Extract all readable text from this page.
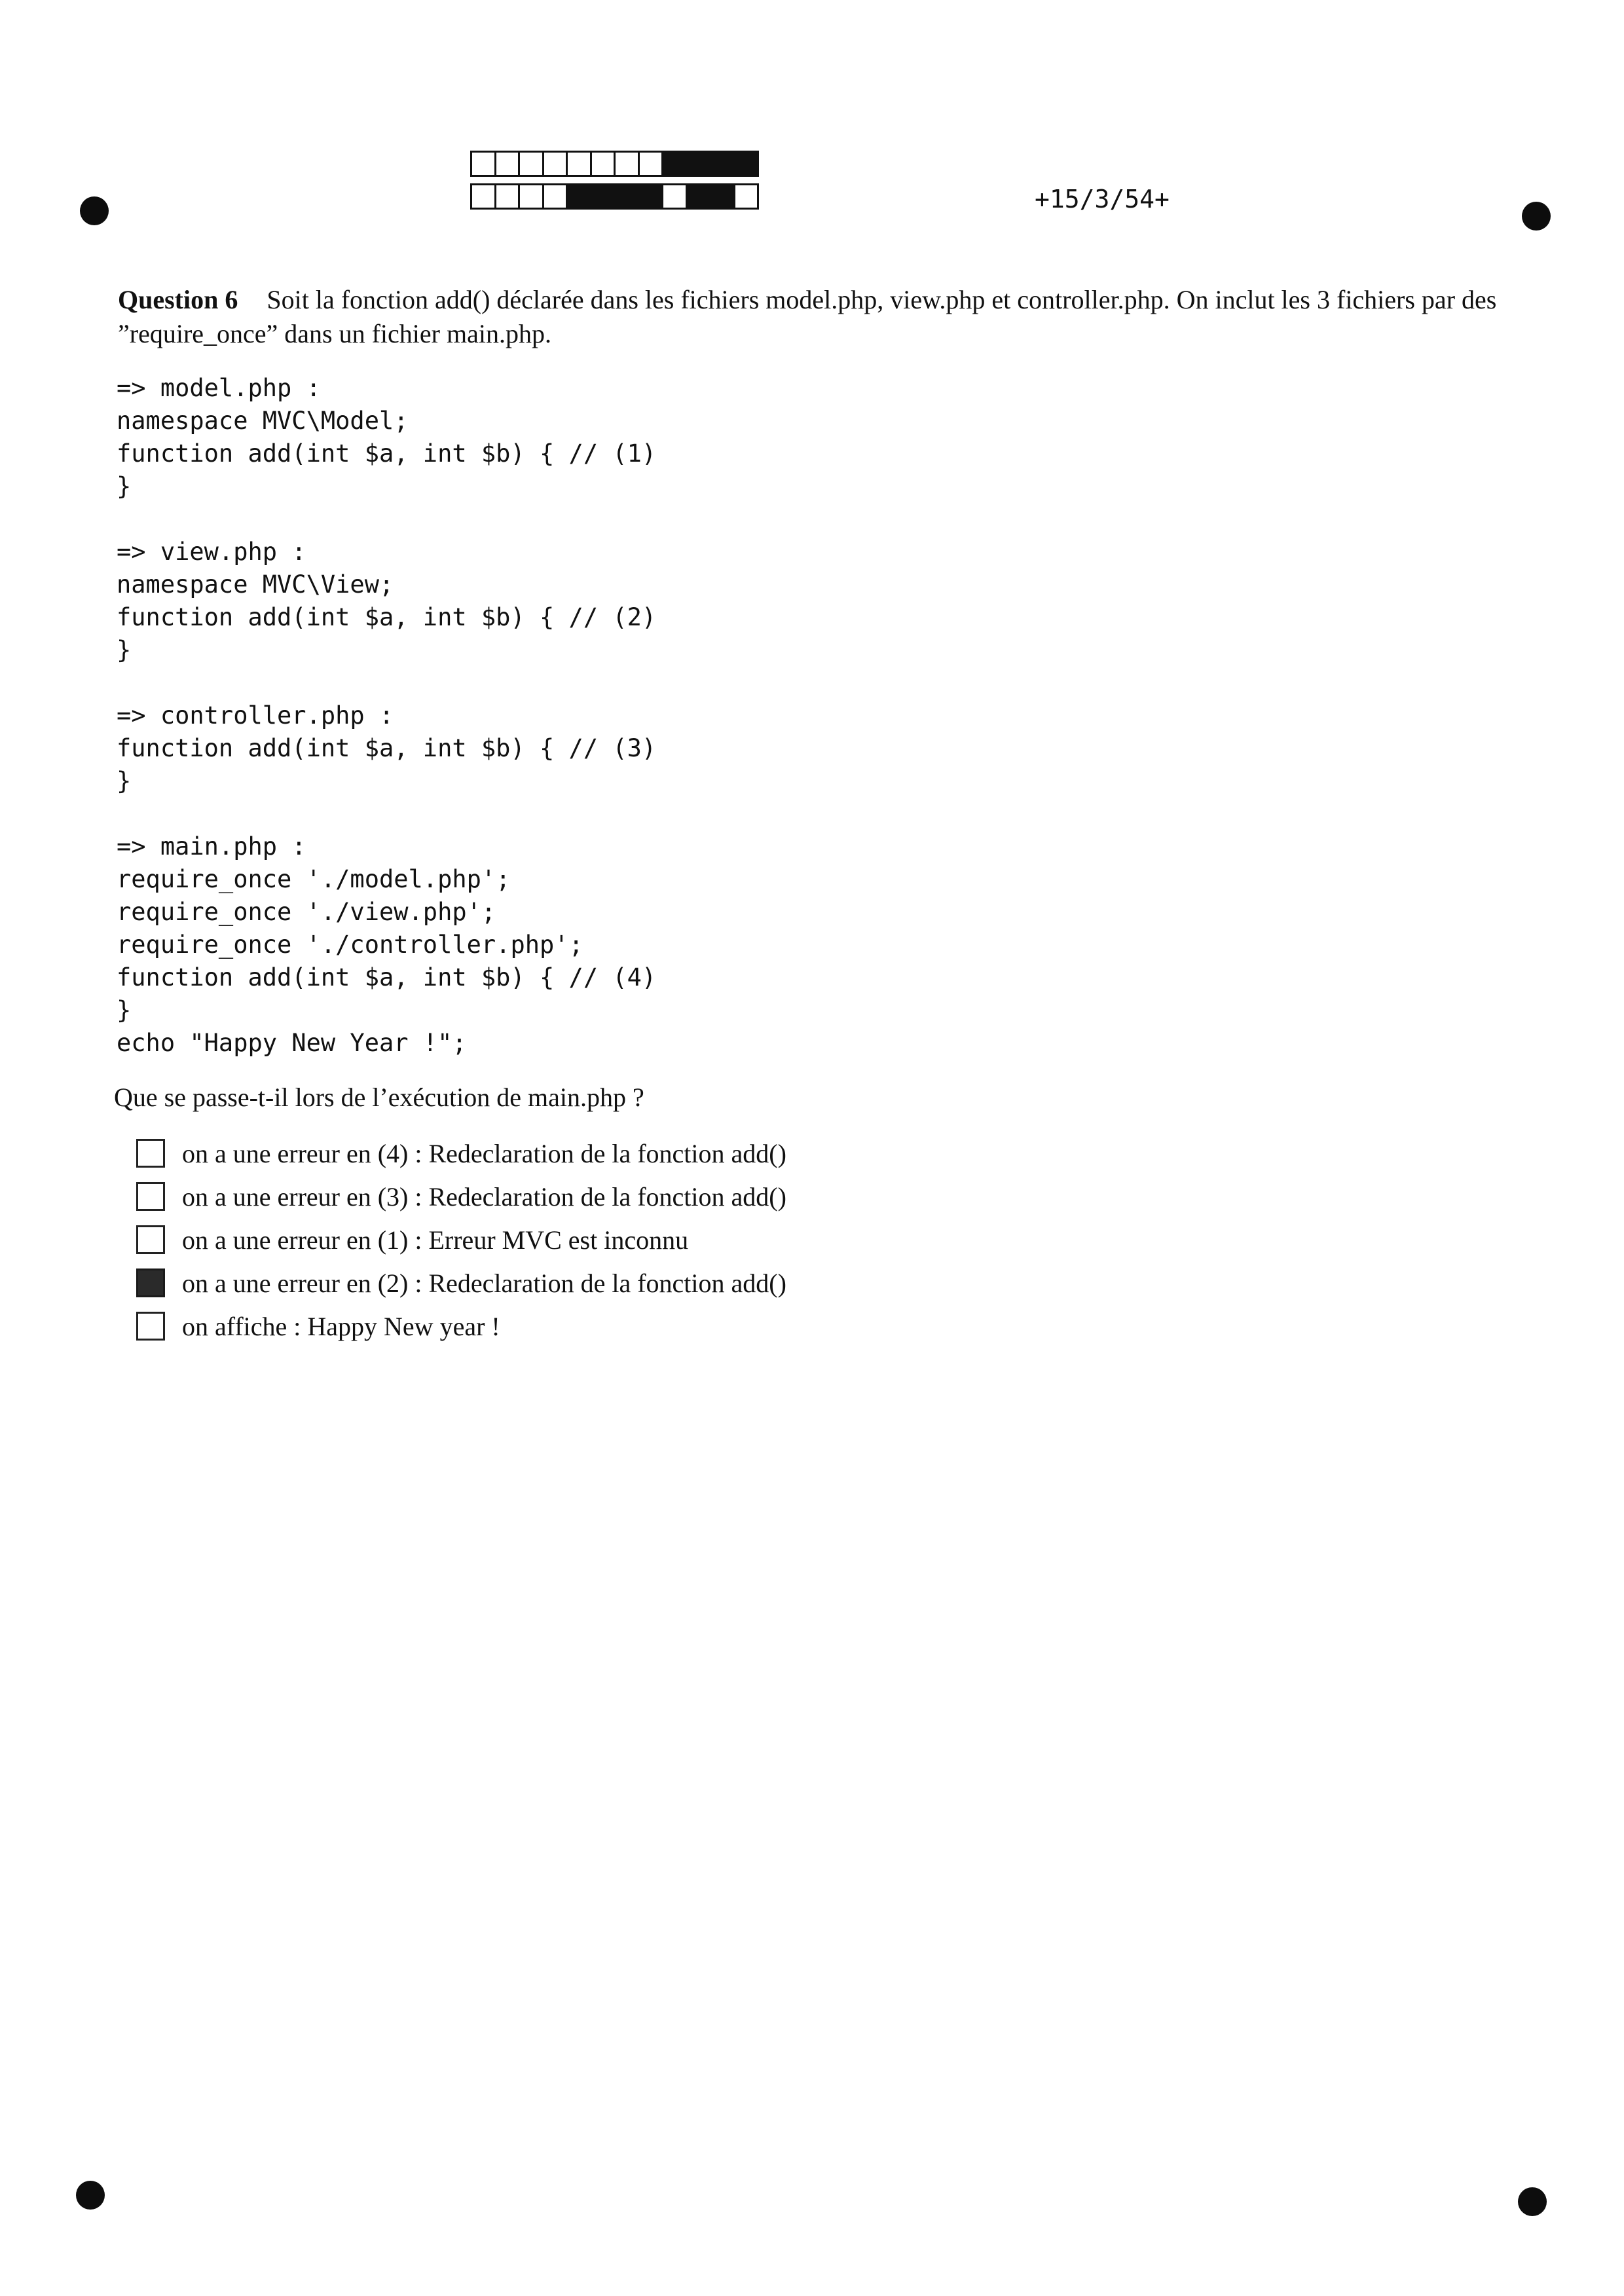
+15/3/54+
Question 6 Soit la fonction add() déclarée dans les fichiers model.php, view.php et controller.php. On inclut les 3 fichiers par des ”require_once” dans un fichier main.php.
=> model.php :
namespace MVC\Model;
function add(int $a, int $b) { // (1)
}

=> view.php :
namespace MVC\View;
function add(int $a, int $b) { // (2)
}

=> controller.php :
function add(int $a, int $b) { // (3)
}

=> main.php :
require_once './model.php';
require_once './view.php';
require_once './controller.php';
function add(int $a, int $b) { // (4)
}
echo "Happy New Year !";
Que se passe-t-il lors de l’exécution de main.php ?
on a une erreur en (4) : Redeclaration de la fonction add()
on a une erreur en (3) : Redeclaration de la fonction add()
on a une erreur en (1) : Erreur MVC est inconnu
on a une erreur en (2) : Redeclaration de la fonction add()
on affiche : Happy New year !
